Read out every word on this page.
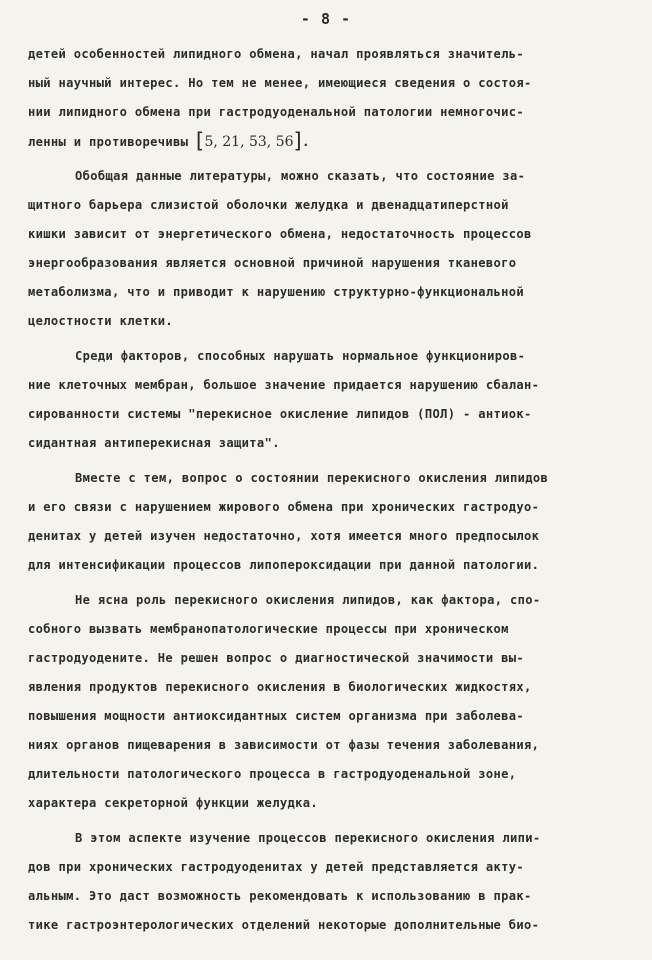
- 8 -
детей особенностей липидного обмена, начал проявляться значитель-
ный научный интерес. Но тем не менее, имеющиеся сведения о состоя-
нии липидного обмена при гастродуоденальной патологии немногочис-
ленны и противоречивы [5, 21, 53, 56].
Обобщая данные литературы, можно сказать, что состояние за-
щитного барьера слизистой оболочки желудка и двенадцатиперстной
кишки зависит от энергетического обмена, недостаточность процессов
энергообразования является основной причиной нарушения тканевого
метаболизма, что и приводит к нарушению структурно-функциональной
целостности клетки.
Среди факторов, способных нарушать нормальное функциониров-
ние клеточных мембран, большое значение придается нарушению сбалан-
сированности системы "перекисное окисление липидов (ПОЛ) - антиок-
сидантная антиперекисная защита".
Вместе с тем, вопрос о состоянии перекисного окисления липидов
и его связи с нарушением жирового обмена при хронических гастродуо-
денитах у детей изучен недостаточно, хотя имеется много предпосылок
для интенсификации процессов липопероксидации при данной патологии.
Не ясна роль перекисного окисления липидов, как фактора, спо-
собного вызвать мембранопатологические процессы при хроническом
гастродуодените. Не решен вопрос о диагностической значимости вы-
явления продуктов перекисного окисления в биологических жидкостях,
повышения мощности антиоксидантных систем организма при заболева-
ниях органов пищеварения в зависимости от фазы течения заболевания,
длительности патологического процесса в гастродуоденальной зоне,
характера секреторной функции желудка.
В этом аспекте изучение процессов перекисного окисления липи-
дов при хронических гастродуоденитах у детей представляется акту-
альным. Это даст возможность рекомендовать к использованию в прак-
тике гастроэнтерологических отделений некоторые дополнительные био-
